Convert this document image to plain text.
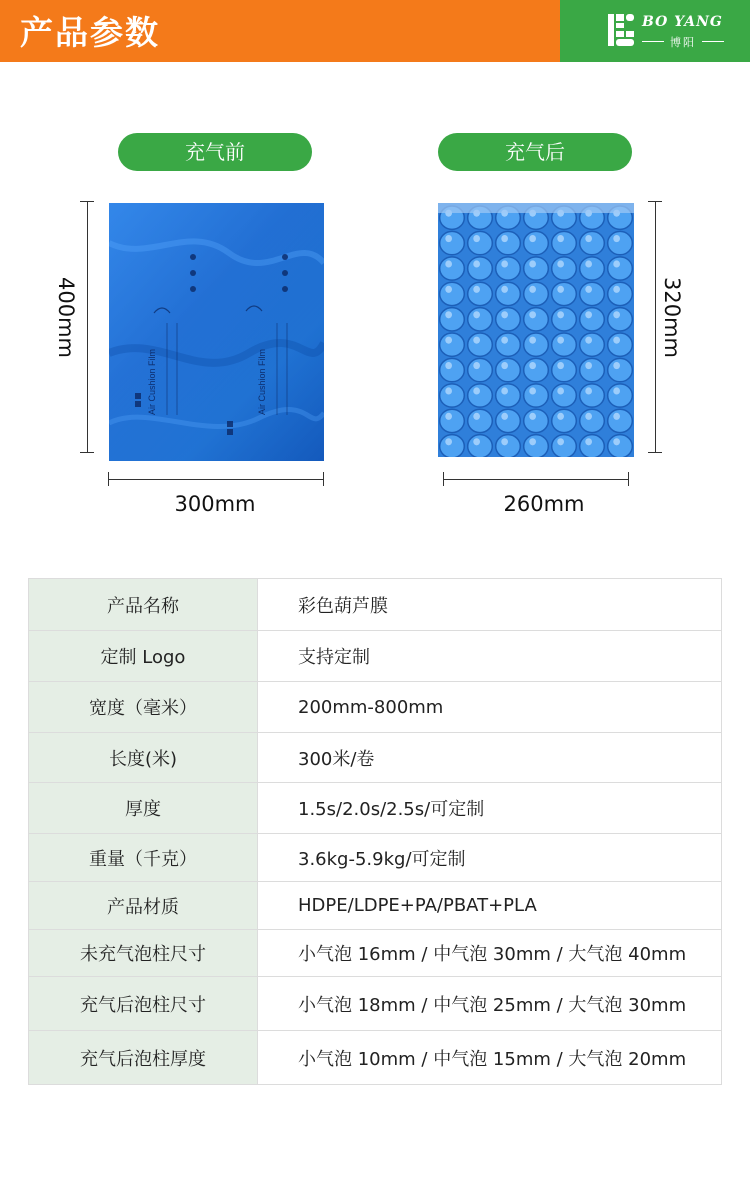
产品参数	BO YANG
博阳
充气前	充气后
400mm
Air Cushion Film	Air Cushion Film
300mm
320mm
260mm
产品名称	彩色葫芦膜
定制 Logo	支持定制
宽度（毫米）	200mm-800mm
长度(米)	300米/卷
厚度	1.5s/2.0s/2.5s/可定制
重量（千克）	3.6kg-5.9kg/可定制
产品材质	HDPE/LDPE+PA/PBAT+PLA
未充气泡柱尺寸	小气泡 16mm / 中气泡 30mm / 大气泡 40mm
充气后泡柱尺寸	小气泡 18mm / 中气泡 25mm / 大气泡 30mm
充气后泡柱厚度	小气泡 10mm / 中气泡 15mm / 大气泡 20mm
